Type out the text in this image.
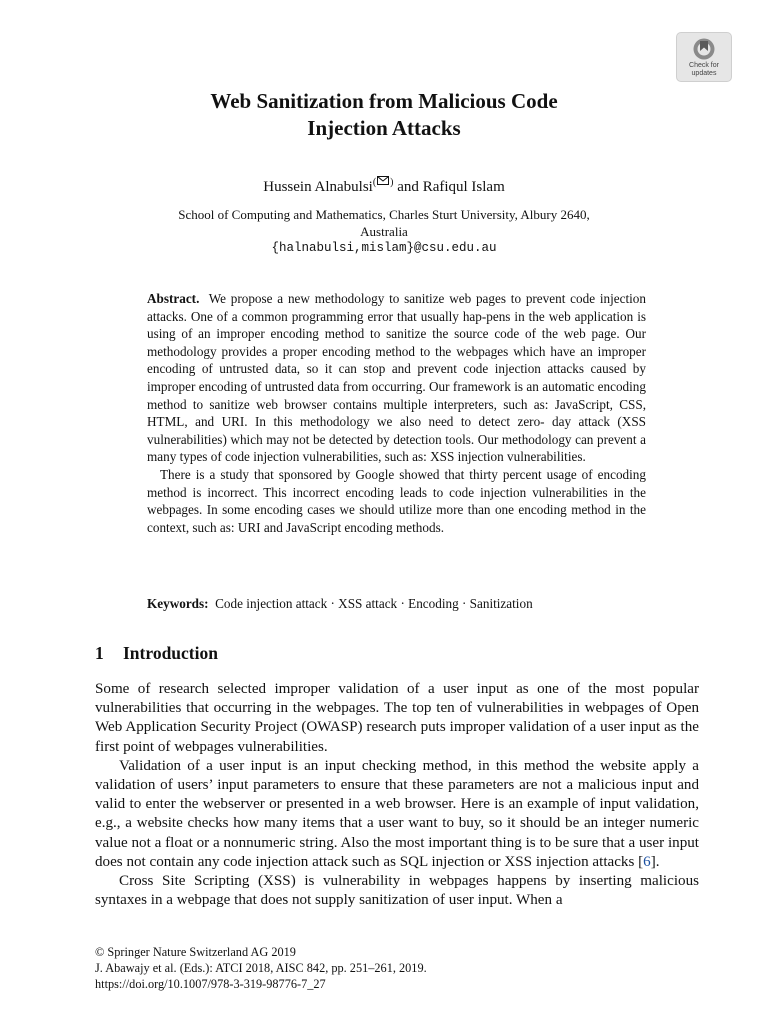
Check for
updates
Web Sanitization from Malicious Code
Injection Attacks
Hussein Alnabulsi( ) and Rafiqul Islam
School of Computing and Mathematics, Charles Sturt University, Albury 2640,
Australia
{halnabulsi,mislam}@csu.edu.au

Abstract. We propose a new methodology to sanitize web pages to prevent code injection attacks. One of a common programming error that usually hap-pens in the web application is using of an improper encoding method to sanitize the source code of the web page. Our methodology provides a proper encoding method to the webpages which have an improper encoding of untrusted data, so it can stop and prevent code injection attacks caused by improper encoding of untrusted data from occurring. Our framework is an automatic encoding method to sanitize web browser contains multiple interpreters, such as: JavaScript, CSS, HTML, and URI. In this methodology we also need to detect zero- day attack (XSS vulnerabilities) which may not be detected by detection tools. Our methodology can prevent a many types of code injection vulnerabilities, such as: XSS injection vulnerabilities.

There is a study that sponsored by Google showed that thirty percent usage of encoding method is incorrect. This incorrect encoding leads to code injection vulnerabilities in the webpages. In some encoding cases we should utilize more than one encoding method in the context, such as: URI and JavaScript encoding methods.

Keywords: Code injection attack · XSS attack · Encoding · Sanitization
1 Introduction

Some of research selected improper validation of a user input as one of the most popular vulnerabilities that occurring in the webpages. The top ten of vulnerabilities in webpages of Open Web Application Security Project (OWASP) research puts improper validation of a user input as the first point of webpages vulnerabilities.

Validation of a user input is an input checking method, in this method the website apply a validation of users’ input parameters to ensure that these parameters are not a malicious input and valid to enter the webserver or presented in a web browser. Here is an example of input validation, e.g., a website checks how many items that a user want to buy, so it should be an integer numeric value not a float or a nonnumeric string. Also the most important thing is to be sure that a user input does not contain any code injection attack such as SQL injection or XSS injection attacks [6].

Cross Site Scripting (XSS) is vulnerability in webpages happens by inserting malicious syntaxes in a webpage that does not supply sanitization of user input. When a

© Springer Nature Switzerland AG 2019
J. Abawajy et al. (Eds.): ATCI 2018, AISC 842, pp. 251–261, 2019.
https://doi.org/10.1007/978-3-319-98776-7_27
